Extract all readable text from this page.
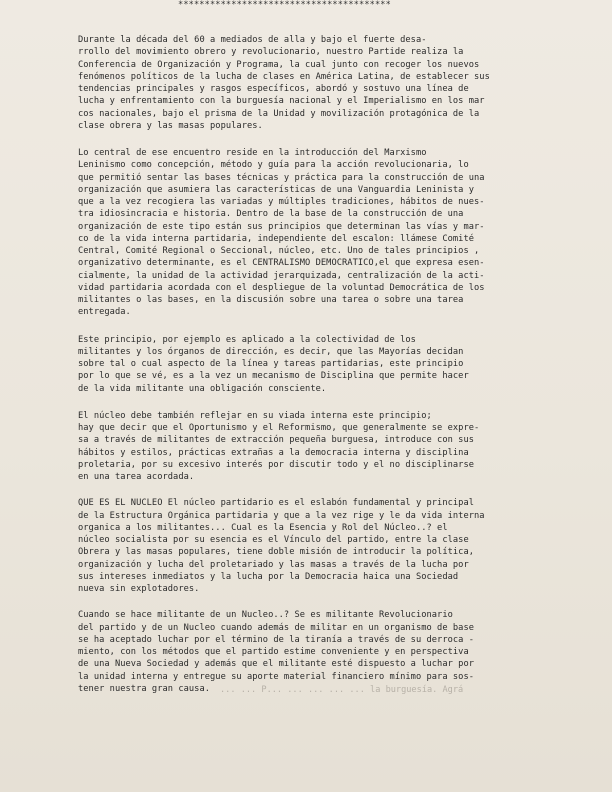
****************************************

Durante la década del 60 a mediados de alla y bajo el fuerte desa-
rrollo del movimiento obrero y revolucionario, nuestro Partide realiza la
Conferencia de Organización y Programa, la cual junto con recoger los nuevos
fenómenos políticos de la lucha de clases en América Latina, de establecer sus
tendencias principales y rasgos específicos, abordó y sostuvo una línea de
lucha y enfrentamiento con la burguesía nacional y el Imperialismo en los mar
cos nacionales, bajo el prisma de la Unidad y movilización protagónica de la
clase obrera y las masas populares.

Lo central de ese encuentro reside en la introducción del Marxismo
Leninismo como concepción, método y guía para la acción revolucionaria, lo
que permitió sentar las bases técnicas y práctica para la construcción de una
organización que asumiera las características de una Vanguardia Leninista y
que a la vez recogiera las variadas y múltiples tradiciones, hábitos de nues-
tra idiosincracia e historia. Dentro de la base de la construcción de una
organización de este tipo están sus principios que determinan las vías y mar-
co de la vida interna partidaria, independiente del escalon: llámese Comité
Central, Comité Regional o Seccional, núcleo, etc. Uno de tales principios ,
organizativo determinante, es el CENTRALISMO DEMOCRATICO,el que expresa esen-
cialmente, la unidad de la actividad jerarquizada, centralización de la acti-
vidad partidaria acordada con el despliegue de la voluntad Democrática de los
militantes o las bases, en la discusión sobre una tarea o sobre una tarea
entregada.

Este principio, por ejemplo es aplicado a la colectividad de los
militantes y los órganos de dirección, es decir, que las Mayorías decidan
sobre tal o cual aspecto de la línea y tareas partidarias, este principio
por lo que se vé, es a la vez un mecanismo de Disciplina que permite hacer
de la vida militante una obligación consciente.

El núcleo debe también reflejar en su viada interna este principio;
hay que decir que el Oportunismo y el Reformismo, que generalmente se expre-
sa a través de militantes de extracción pequeña burguesa, introduce con sus
hábitos y estilos, prácticas extrañas a la democracia interna y disciplina
proletaria, por su excesivo interés por discutir todo y el no disciplinarse
en una tarea acordada.

QUE ES EL NUCLEO El núcleo partidario es el eslabón fundamental y principal
de la Estructura Orgánica partidaria y que a la vez rige y le da vida interna
organica a los militantes... Cual es la Esencia y Rol del Núcleo..? el
núcleo socialista por su esencia es el Vínculo del partido, entre la clase
Obrera y las masas populares, tiene doble misión de introducir la política,
organización y lucha del proletariado y las masas a través de la lucha por
sus intereses inmediatos y la lucha por la Democracia haica una Sociedad
nueva sin explotadores.

Cuando se hace militante de un Nucleo..? Se es militante Revolucionario
del partido y de un Nucleo cuando además de militar en un organismo de base
se ha aceptado luchar por el término de la tiranía a través de su derroca -
miento, con los métodos que el partido estime conveniente y en perspectiva
de una Nueva Sociedad y además que el militante esté dispuesto a luchar por
la unidad interna y entregue su aporte material financiero mínimo para sos-
tener nuestra gran causa.	... ... P... ... ... ... ... la burguesía. Agrá
